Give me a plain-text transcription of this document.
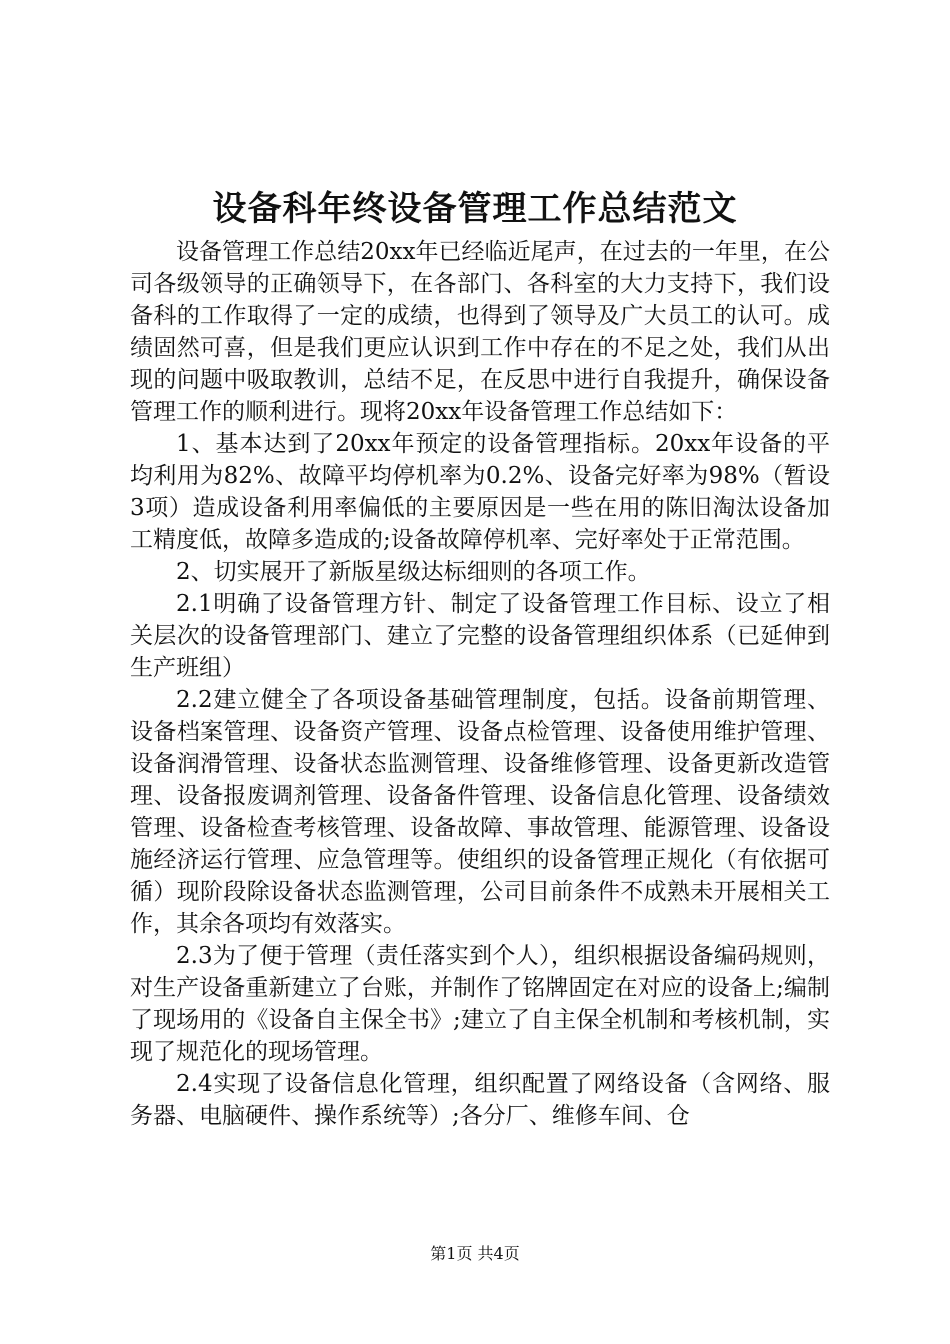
设备科年终设备管理工作总结范文

设备管理工作总结20xx年已经临近尾声，在过去的一年里，在公司各级领导的正确领导下，在各部门、各科室的大力支持下，我们设备科的工作取得了一定的成绩，也得到了领导及广大员工的认可。成绩固然可喜，但是我们更应认识到工作中存在的不足之处，我们从出现的问题中吸取教训，总结不足，在反思中进行自我提升，确保设备管理工作的顺利进行。现将20xx年设备管理工作总结如下：

1、基本达到了20xx年预定的设备管理指标。20xx年设备的平均利用为82%、故障平均停机率为0.2%、设备完好率为98%（暂设3项）造成设备利用率偏低的主要原因是一些在用的陈旧淘汰设备加工精度低，故障多造成的;设备故障停机率、完好率处于正常范围。

2、切实展开了新版星级达标细则的各项工作。

2.1明确了设备管理方针、制定了设备管理工作目标、设立了相关层次的设备管理部门、建立了完整的设备管理组织体系（已延伸到生产班组）

2.2建立健全了各项设备基础管理制度，包括。设备前期管理、设备档案管理、设备资产管理、设备点检管理、设备使用维护管理、设备润滑管理、设备状态监测管理、设备维修管理、设备更新改造管理、设备报废调剂管理、设备备件管理、设备信息化管理、设备绩效管理、设备检查考核管理、设备故障、事故管理、能源管理、设备设施经济运行管理、应急管理等。使组织的设备管理正规化（有依据可循）现阶段除设备状态监测管理，公司目前条件不成熟未开展相关工作，其余各项均有效落实。

2.3为了便于管理（责任落实到个人），组织根据设备编码规则，对生产设备重新建立了台账，并制作了铭牌固定在对应的设备上;编制了现场用的《设备自主保全书》;建立了自主保全机制和考核机制，实现了规范化的现场管理。

2.4实现了设备信息化管理，组织配置了网络设备（含网络、服务器、电脑硬件、操作系统等）;各分厂、维修车间、仓

第1页 共4页
